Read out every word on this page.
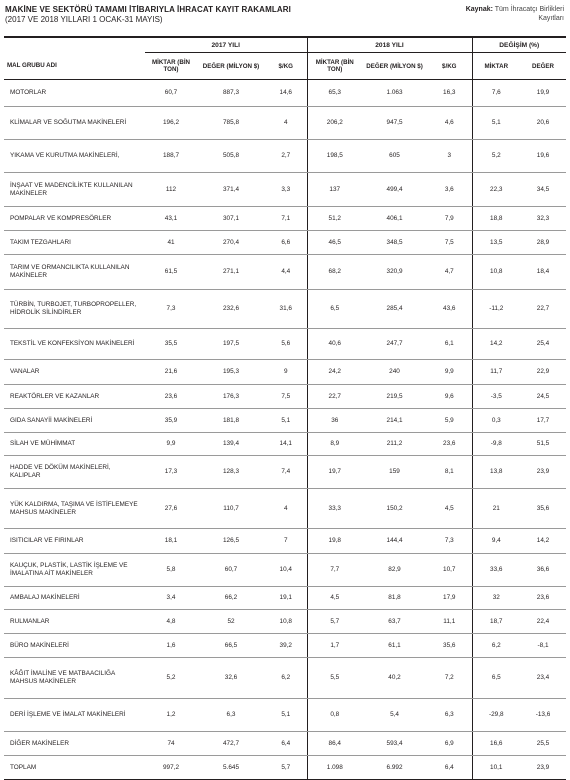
MAKİNE VE SEKTÖRÜ TAMAMI İTİBARIYLA İHRACAT KAYIT RAKAMLARI
(2017 VE 2018 YILLARI 1 OCAK-31 MAYIS)
Kaynak: Tüm İhracatçı Birlikleri Kayıtları
	2017 YILI			2018 YILI			DEĞİŞİM (%)	
MAL GRUBU ADI	MİKTAR (BİN TON)	DEĞER (MİLYON $)	$/KG	MİKTAR (BİN TON)	DEĞER (MİLYON $)	$/KG	MİKTAR	DEĞER
MOTORLAR	60,7	887,3	14,6	65,3	1.063	16,3	7,6	19,9
KLİMALAR VE SOĞUTMA MAKİNELERİ	196,2	785,8	4	206,2	947,5	4,6	5,1	20,6
YIKAMA VE KURUTMA MAKİNELERİ,	188,7	505,8	2,7	198,5	605	3	5,2	19,6
İNŞAAT VE MADENCİLİKTE KULLANILAN MAKİNELER	112	371,4	3,3	137	499,4	3,6	22,3	34,5
POMPALAR VE KOMPRESÖRLER	43,1	307,1	7,1	51,2	406,1	7,9	18,8	32,3
TAKIM TEZGAHLARI	41	270,4	6,6	46,5	348,5	7,5	13,5	28,9
TARIM VE ORMANCILIKTA KULLANILAN MAKİNELER	61,5	271,1	4,4	68,2	320,9	4,7	10,8	18,4
TÜRBİN, TURBOJET, TURBOPROPELLER, HİDROLİK SİLİNDİRLER	7,3	232,6	31,6	6,5	285,4	43,6	-11,2	22,7
TEKSTİL VE KONFEKSİYON MAKİNELERİ	35,5	197,5	5,6	40,6	247,7	6,1	14,2	25,4
VANALAR	21,6	195,3	9	24,2	240	9,9	11,7	22,9
REAKTÖRLER VE KAZANLAR	23,6	176,3	7,5	22,7	219,5	9,6	-3,5	24,5
GIDA SANAYİİ MAKİNELERİ	35,9	181,8	5,1	36	214,1	5,9	0,3	17,7
SİLAH VE MÜHİMMAT	9,9	139,4	14,1	8,9	211,2	23,6	-9,8	51,5
HADDE VE DÖKÜM MAKİNELERİ, KALIPLAR	17,3	128,3	7,4	19,7	159	8,1	13,8	23,9
YÜK KALDIRMA, TAŞIMA VE İSTİFLEMEYE MAHSUS MAKİNELER	27,6	110,7	4	33,3	150,2	4,5	21	35,6
ISITICILAR VE FIRINLAR	18,1	126,5	7	19,8	144,4	7,3	9,4	14,2
KAUÇUK, PLASTİK, LASTİK İŞLEME VE İMALATINA AİT MAKİNELER	5,8	60,7	10,4	7,7	82,9	10,7	33,6	36,6
AMBALAJ MAKİNELERİ	3,4	66,2	19,1	4,5	81,8	17,9	32	23,6
RULMANLAR	4,8	52	10,8	5,7	63,7	11,1	18,7	22,4
BÜRO MAKİNELERİ	1,6	66,5	39,2	1,7	61,1	35,6	6,2	-8,1
KÂĞIT İMALİNE VE MATBAACILIĞA MAHSUS MAKİNELER	5,2	32,6	6,2	5,5	40,2	7,2	6,5	23,4
DERİ İŞLEME VE İMALAT MAKİNELERİ	1,2	6,3	5,1	0,8	5,4	6,3	-29,8	-13,6
DİĞER MAKİNELER	74	472,7	6,4	86,4	593,4	6,9	16,6	25,5
TOPLAM	997,2	5.645	5,7	1.098	6.992	6,4	10,1	23,9
